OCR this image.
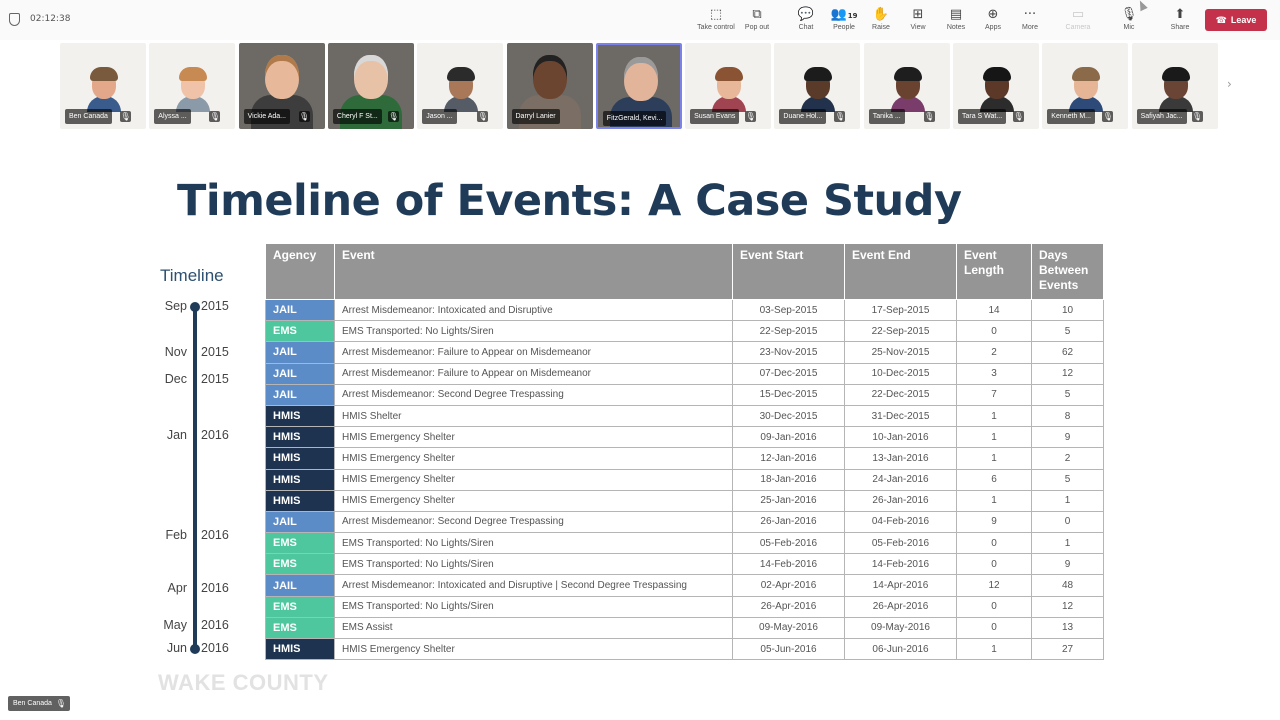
02:12:38	⬚
Take control
⧉
Pop out
💬
Chat
👥19
People
✋
Raise
⊞
View
▤
Notes
⊕
Apps
···
More
▭
Camera
🎙
Mic
⬆
Share
☎ Leave
Ben Canada	🎙	Alyssa ...	🎙	Vickie Ada...	🎙	Cheryl F St...	🎙	Jason ...	🎙	Darryl Lanier	FitzGerald, Kevi...	Susan Evans	🎙	Duane Hol...	🎙	Tanika ...	🎙	Tara S Wat...	🎙	Kenneth M...	🎙	Safiyah Jac...	🎙
›
Timeline of Events: A Case Study
Timeline
Sep 2015
Nov 2015
Dec 2015
Jan 2016
Feb 2016
Apr 2016
May 2016
Jun 2016
Agency	Event	Event Start	Event End	Event Length	Days Between Events
JAIL	Arrest Misdemeanor: Intoxicated and Disruptive	03-Sep-2015	17-Sep-2015	14	10
EMS	EMS Transported: No Lights/Siren	22-Sep-2015	22-Sep-2015	0	5
JAIL	Arrest Misdemeanor: Failure to Appear on Misdemeanor	23-Nov-2015	25-Nov-2015	2	62
JAIL	Arrest Misdemeanor: Failure to Appear on Misdemeanor	07-Dec-2015	10-Dec-2015	3	12
JAIL	Arrest Misdemeanor: Second Degree Trespassing	15-Dec-2015	22-Dec-2015	7	5
HMIS	HMIS Shelter	30-Dec-2015	31-Dec-2015	1	8
HMIS	HMIS Emergency Shelter	09-Jan-2016	10-Jan-2016	1	9
HMIS	HMIS Emergency Shelter	12-Jan-2016	13-Jan-2016	1	2
HMIS	HMIS Emergency Shelter	18-Jan-2016	24-Jan-2016	6	5
HMIS	HMIS Emergency Shelter	25-Jan-2016	26-Jan-2016	1	1
JAIL	Arrest Misdemeanor: Second Degree Trespassing	26-Jan-2016	04-Feb-2016	9	0
EMS	EMS Transported: No Lights/Siren	05-Feb-2016	05-Feb-2016	0	1
EMS	EMS Transported: No Lights/Siren	14-Feb-2016	14-Feb-2016	0	9
JAIL	Arrest Misdemeanor: Intoxicated and Disruptive | Second Degree Trespassing	02-Apr-2016	14-Apr-2016	12	48
EMS	EMS Transported: No Lights/Siren	26-Apr-2016	26-Apr-2016	0	12
EMS	EMS Assist	09-May-2016	09-May-2016	0	13
HMIS	HMIS Emergency Shelter	05-Jun-2016	06-Jun-2016	1	27
WAKE COUNTY
Ben Canada 🎙
